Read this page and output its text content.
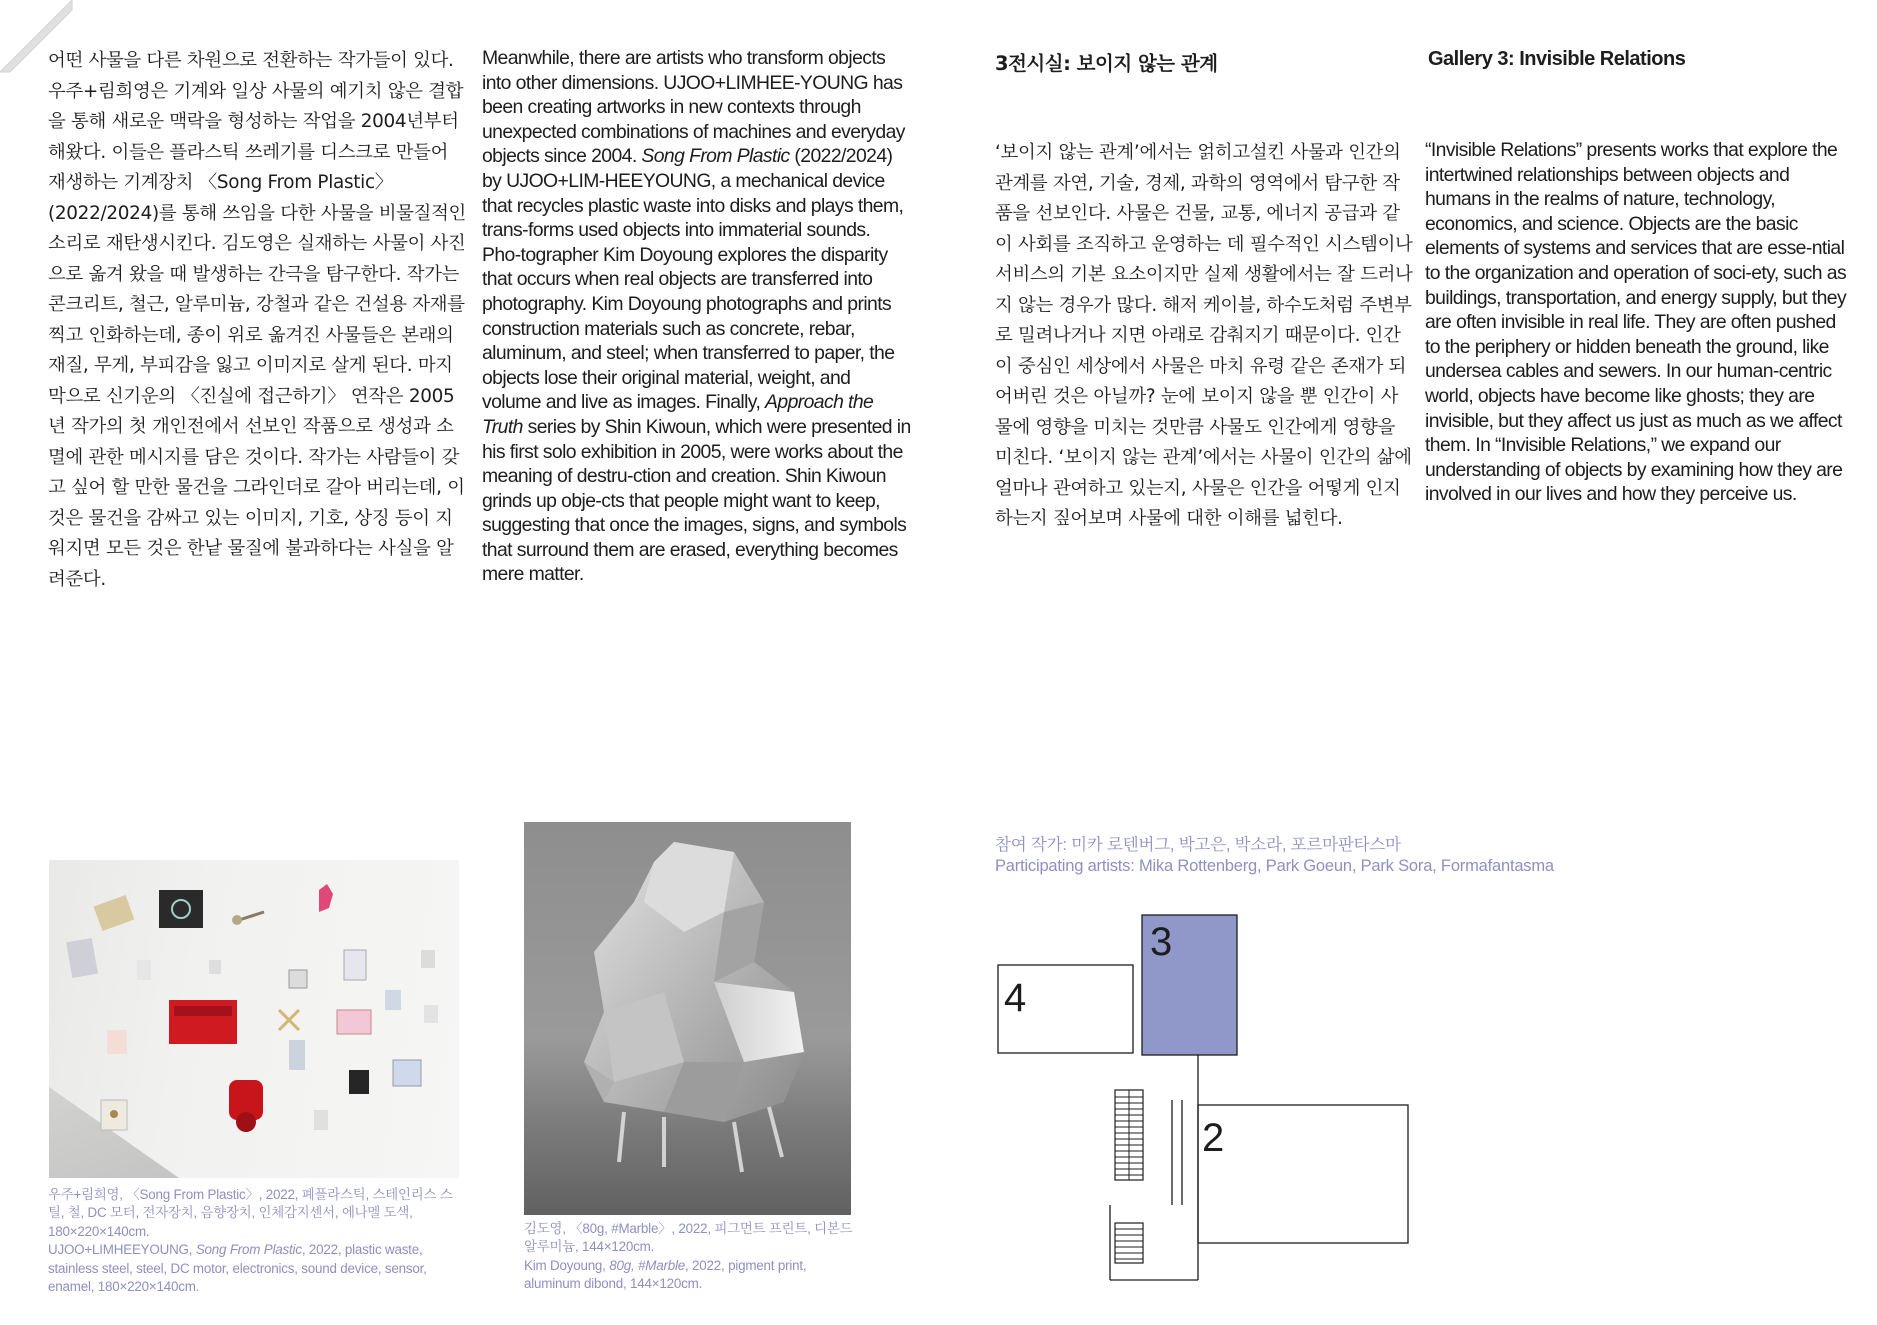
어떤 사물을 다른 차원으로 전환하는 작가들이 있다. 우주+림희영은 기계와 일상 사물의 예기치 않은 결합을 통해 새로운 맥락을 형성하는 작업을 2004년부터 해왔다. 이들은 플라스틱 쓰레기를 디스크로 만들어 재생하는 기계장치 〈Song From Plastic〉(2022/2024)를 통해 쓰임을 다한 사물을 비물질적인 소리로 재탄생시킨다. 김도영은 실재하는 사물이 사진으로 옮겨 왔을 때 발생하는 간극을 탐구한다. 작가는 콘크리트, 철근, 알루미늄, 강철과 같은 건설용 자재를 찍고 인화하는데, 종이 위로 옮겨진 사물들은 본래의 재질, 무게, 부피감을 잃고 이미지로 살게 된다. 마지막으로 신기운의 〈진실에 접근하기〉 연작은 2005년 작가의 첫 개인전에서 선보인 작품으로 생성과 소멸에 관한 메시지를 담은 것이다. 작가는 사람들이 갖고 싶어 할 만한 물건을 그라인더로 갈아 버리는데, 이것은 물건을 감싸고 있는 이미지, 기호, 상징 등이 지워지면 모든 것은 한낱 물질에 불과하다는 사실을 알려준다.

Meanwhile, there are artists who transform objects into other dimensions. UJOO+LIMHEE-YOUNG has been creating artworks in new contexts through unexpected combinations of machines and everyday objects since 2004. Song From Plastic (2022/2024) by UJOO+LIM-HEEYOUNG, a mechanical device that recycles plastic waste into disks and plays them, trans-forms used objects into immaterial sounds. Pho-tographer Kim Doyoung explores the disparity that occurs when real objects are transferred into photography. Kim Doyoung photographs and prints construction materials such as concrete, rebar, aluminum, and steel; when transferred to paper, the objects lose their original material, weight, and volume and live as images. Finally, Approach the Truth series by Shin Kiwoun, which were presented in his first solo exhibition in 2005, were works about the meaning of destru-ction and creation. Shin Kiwoun grinds up obje-cts that people might want to keep, suggesting that once the images, signs, and symbols that surround them are erased, everything becomes mere matter.

우주+림희영, 〈Song From Plastic〉, 2022, 폐플라스틱, 스테인리스 스틸, 철, DC 모터, 전자장치, 음향장치, 인체감지센서, 에나멜 도색, 180×220×140cm.
UJOO+LIMHEEYOUNG, Song From Plastic, 2022, plastic waste, stainless steel, steel, DC motor, electronics, sound device, sensor, enamel, 180×220×140cm.
김도영, 〈80g, #Marble〉, 2022, 피그먼트 프린트, 디본드 알루미늄, 144×120cm.
Kim Doyoung, 80g, #Marble, 2022, pigment print, aluminum dibond, 144×120cm.
3전시실: 보이지 않는 관계	Gallery 3: Invisible Relations

‘보이지 않는 관계’에서는 얽히고설킨 사물과 인간의 관계를 자연, 기술, 경제, 과학의 영역에서 탐구한 작품을 선보인다. 사물은 건물, 교통, 에너지 공급과 같이 사회를 조직하고 운영하는 데 필수적인 시스템이나 서비스의 기본 요소이지만 실제 생활에서는 잘 드러나지 않는 경우가 많다. 해저 케이블, 하수도처럼 주변부로 밀려나거나 지면 아래로 감춰지기 때문이다. 인간이 중심인 세상에서 사물은 마치 유령 같은 존재가 되어버린 것은 아닐까? 눈에 보이지 않을 뿐 인간이 사물에 영향을 미치는 것만큼 사물도 인간에게 영향을 미친다. ‘보이지 않는 관계’에서는 사물이 인간의 삶에 얼마나 관여하고 있는지, 사물은 인간을 어떻게 인지하는지 짚어보며 사물에 대한 이해를 넓힌다.

“Invisible Relations” presents works that explore the intertwined relationships between objects and humans in the realms of nature, technology, economics, and science. Objects are the basic elements of systems and services that are esse-ntial to the organization and operation of soci-ety, such as buildings, transportation, and energy supply, but they are often invisible in real life. They are often pushed to the periphery or hidden beneath the ground, like undersea cables and sewers. In our human-centric world, objects have become like ghosts; they are invisible, but they affect us just as much as we affect them. In “Invisible Relations,” we expand our understanding of objects by examining how they are involved in our lives and how they perceive us.

참여 작가: 미카 로텐버그, 박고은, 박소라, 포르마판타스마
Participating artists: Mika Rottenberg, Park Goeun, Park Sora, Formafantasma
3
4
2
